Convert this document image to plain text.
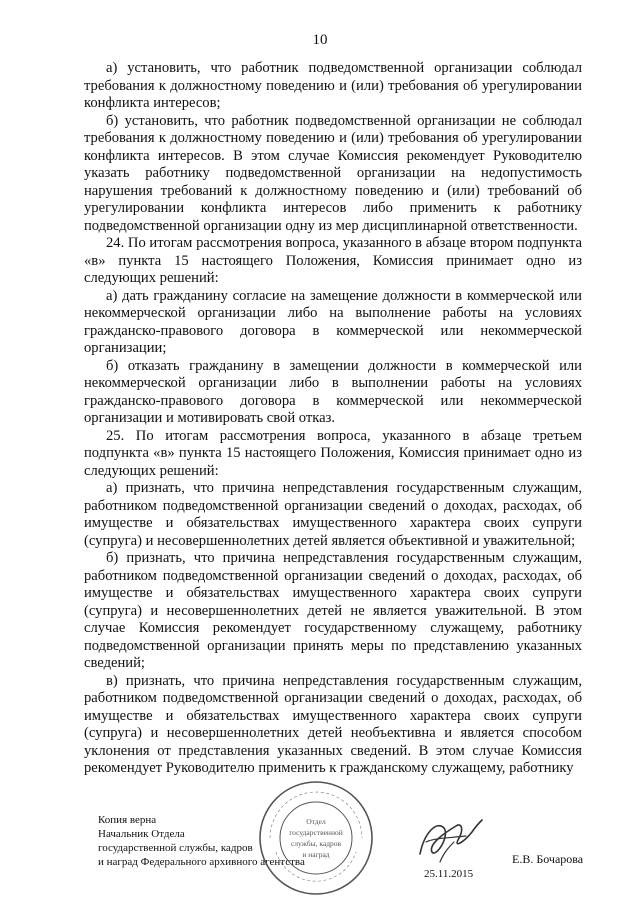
10

а) установить, что работник подведомственной организации соблюдал требования к должностному поведению и (или) требования об урегулировании конфликта интересов;

б) установить, что работник подведомственной организации не соблюдал требования к должностному поведению и (или) требования об урегулировании конфликта интересов. В этом случае Комиссия рекомендует Руководителю указать работнику подведомственной организации на недопустимость нарушения требований к должностному поведению и (или) требований об урегулировании конфликта интересов либо применить к работнику подведомственной организации одну из мер дисциплинарной ответственности.

24. По итогам рассмотрения вопроса, указанного в абзаце втором подпункта «в» пункта 15 настоящего Положения, Комиссия принимает одно из следующих решений:

а) дать гражданину согласие на замещение должности в коммерческой или некоммерческой организации либо на выполнение работы на условиях гражданско-правового договора в коммерческой или некоммерческой организации;

б) отказать гражданину в замещении должности в коммерческой или некоммерческой организации либо в выполнении работы на условиях гражданско-правового договора в коммерческой или некоммерческой организации и мотивировать свой отказ.

25. По итогам рассмотрения вопроса, указанного в абзаце третьем подпункта «в» пункта 15 настоящего Положения, Комиссия принимает одно из следующих решений:

а) признать, что причина непредставления государственным служащим, работником подведомственной организации сведений о доходах, расходах, об имуществе и обязательствах имущественного характера своих супруги (супруга) и несовершеннолетних детей является объективной и уважительной;

б) признать, что причина непредставления государственным служащим, работником подведомственной организации сведений о доходах, расходах, об имуществе и обязательствах имущественного характера своих супруги (супруга) и несовершеннолетних детей не является уважительной. В этом случае Комиссия рекомендует государственному служащему, работнику подведомственной организации принять меры по представлению указанных сведений;

в) признать, что причина непредставления государственным служащим, работником подведомственной организации сведений о доходах, расходах, об имуществе и обязательствах имущественного характера своих супруги (супруга) и несовершеннолетних детей необъективна и является способом уклонения от представления указанных сведений. В этом случае Комиссия рекомендует Руководителю применить к гражданскому служащему, работнику

Копия верна
Начальник Отдела
государственной службы, кадров
и наград Федерального архивного агентства
Отдел
государственной
службы, кадров
и наград
25.11.2015
Е.В. Бочарова
